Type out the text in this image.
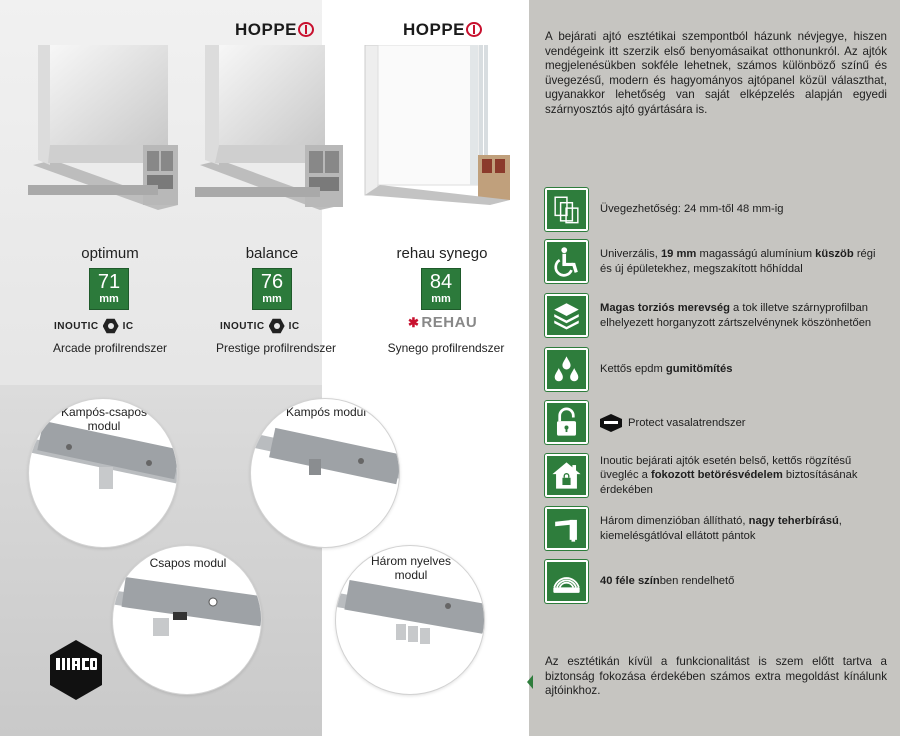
HOPPE	HOPPE
optimum	balance	rehau synego
71
mm
76
mm
84
mm
INOUTIC IC	INOUTIC IC	✱ REHAU
Arcade profilrendszer	Prestige profilrendszer	Synego profilrendszer
Kampós-csapos
modul
Kampós modul
Csapos modul	Három nyelves
modul
A bejárati ajtó esztétikai szempontból házunk névjegye, hiszen vendégeink itt szerzik első benyomásaikat otthonunkról. Az ajtók megjelenésükben sokféle lehetnek, számos különböző színű és üvegezésű, modern és hagyományos ajtópanel közül választhat, ugyanakkor lehetőség van saját elképzelés alapján egyedi szárnyosztós ajtó gyártására is.
Üvegezhetőség: 24 mm-től 48 mm-ig
Univerzális, 19 mm magasságú alumínium küszöb régi és új épületekhez, megszakított hőhíddal
Magas torziós merevség a tok illetve szárnyprofilban elhelyezett horganyzott zártszelvénynek köszönhetően
Kettős epdm gumitömítés
Protect vasalatrendszer
Inoutic bejárati ajtók esetén belső, kettős rögzítésű üvegléc a fokozott betörésvédelem biztosításának érdekében
Három dimenzióban állítható, nagy teherbírású, kiemelésgátlóval ellátott pántok
40 féle színben rendelhető
Az esztétikán kívül a funkcionalitást is szem előtt tartva a biztonság fokozása érdekében számos extra megoldást kínálunk ajtóinkhoz.
